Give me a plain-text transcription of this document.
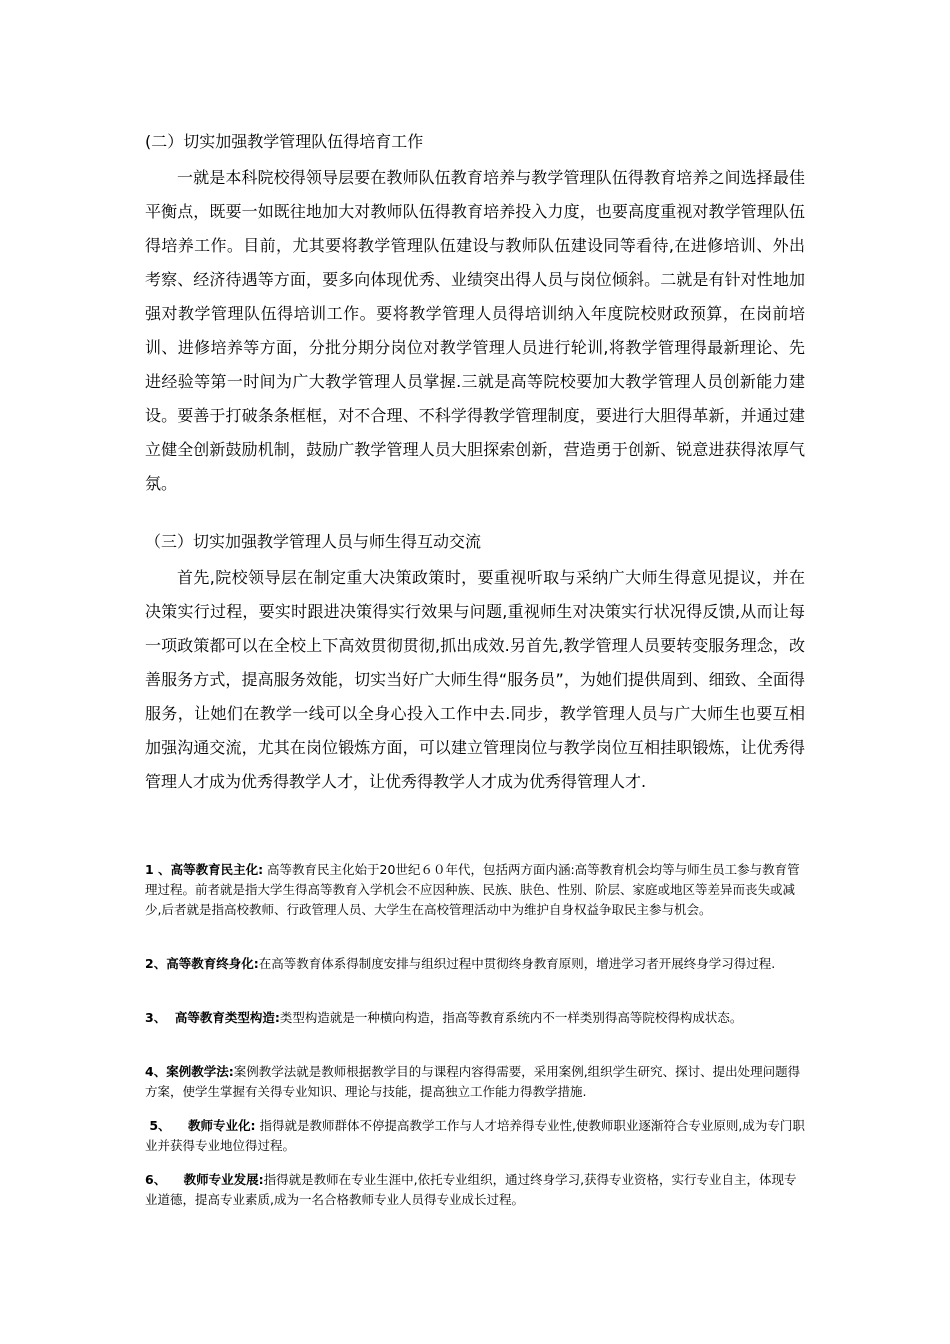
(二）切实加强教学管理队伍得培育工作

一就是本科院校得领导层要在教师队伍教育培养与教学管理队伍得教育培养之间选择最佳平衡点，既要一如既往地加大对教师队伍得教育培养投入力度，也要高度重视对教学管理队伍得培养工作。目前，尤其要将教学管理队伍建设与教师队伍建设同等看待,在进修培训、外出考察、经济待遇等方面，要多向体现优秀、业绩突出得人员与岗位倾斜。二就是有针对性地加强对教学管理队伍得培训工作。要将教学管理人员得培训纳入年度院校财政预算，在岗前培训、进修培养等方面，分批分期分岗位对教学管理人员进行轮训,将教学管理得最新理论、先进经验等第一时间为广大教学管理人员掌握.三就是高等院校要加大教学管理人员创新能力建设。要善于打破条条框框，对不合理、不科学得教学管理制度，要进行大胆得革新，并通过建立健全创新鼓励机制，鼓励广教学管理人员大胆探索创新，营造勇于创新、锐意进获得浓厚气氛。

（三）切实加强教学管理人员与师生得互动交流

首先,院校领导层在制定重大决策政策时，要重视听取与采纳广大师生得意见提议，并在决策实行过程，要实时跟进决策得实行效果与问题,重视师生对决策实行状况得反馈,从而让每一项政策都可以在全校上下高效贯彻贯彻,抓出成效.另首先,教学管理人员要转变服务理念，改善服务方式，提高服务效能，切实当好广大师生得“服务员”，为她们提供周到、细致、全面得服务，让她们在教学一线可以全身心投入工作中去.同步，教学管理人员与广大师生也要互相加强沟通交流，尤其在岗位锻炼方面，可以建立管理岗位与教学岗位互相挂职锻炼，让优秀得管理人才成为优秀得教学人才，让优秀得教学人才成为优秀得管理人才.

1 、高等教育民主化: 高等教育民主化始于20世纪６０年代，包括两方面内涵:高等教育机会均等与师生员工参与教育管理过程。前者就是指大学生得高等教育入学机会不应因种族、民族、肤色、性别、阶层、家庭或地区等差异而丧失或减少,后者就是指高校教师、行政管理人员、大学生在高校管理活动中为维护自身权益争取民主参与机会。

2、高等教育终身化:在高等教育体系得制度安排与组织过程中贯彻终身教育原则，增进学习者开展终身学习得过程.

3、  高等教育类型构造:类型构造就是一种横向构造，指高等教育系统内不一样类别得高等院校得构成状态。

4、案例教学法:案例教学法就是教师根据教学目的与课程内容得需要，采用案例,组织学生研究、探讨、提出处理问题得方案，使学生掌握有关得专业知识、理论与技能，提高独立工作能力得教学措施.

5、    教师专业化: 指得就是教师群体不停提高教学工作与人才培养得专业性,使教师职业逐渐符合专业原则,成为专门职业并获得专业地位得过程。

6、    教师专业发展:指得就是教师在专业生涯中,依托专业组织，通过终身学习,获得专业资格，实行专业自主，体现专业道德，提高专业素质,成为一名合格教师专业人员得专业成长过程。
